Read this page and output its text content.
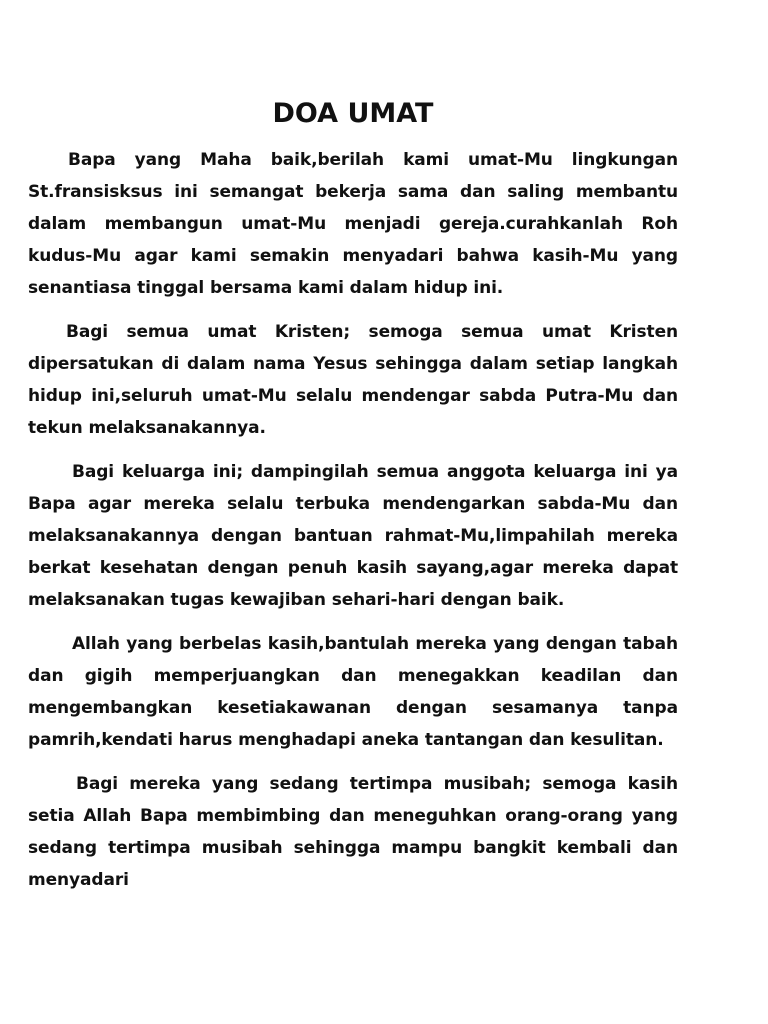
DOA UMAT

Bapa yang Maha baik,berilah kami umat-Mu lingkungan St.fransisksus ini semangat bekerja sama dan saling membantu dalam membangun umat-Mu menjadi gereja.curahkanlah Roh kudus-Mu agar kami semakin menyadari bahwa kasih-Mu yang senantiasa tinggal bersama kami dalam hidup ini.

Bagi semua umat Kristen; semoga semua umat Kristen dipersatukan di dalam nama Yesus sehingga dalam setiap langkah hidup ini,seluruh umat-Mu selalu mendengar sabda Putra-Mu dan tekun melaksanakannya.

Bagi keluarga ini; dampingilah semua anggota keluarga ini ya Bapa agar mereka selalu terbuka mendengarkan sabda-Mu dan melaksanakannya dengan bantuan rahmat-Mu,limpahilah mereka berkat kesehatan dengan penuh kasih sayang,agar mereka dapat melaksanakan tugas kewajiban sehari-hari dengan baik.

Allah yang berbelas kasih,bantulah mereka yang dengan tabah dan gigih memperjuangkan dan menegakkan keadilan dan mengembangkan kesetiakawanan dengan sesamanya tanpa pamrih,kendati harus menghadapi aneka tantangan dan kesulitan.

Bagi mereka yang sedang tertimpa musibah; semoga kasih setia Allah Bapa membimbing dan meneguhkan orang-orang yang sedang tertimpa musibah sehingga mampu bangkit kembali dan menyadari
